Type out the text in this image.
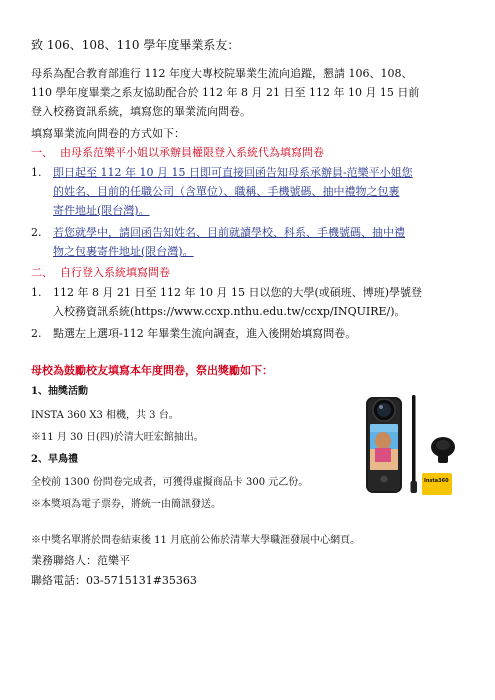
致 106、108、110 學年度畢業系友：
母系為配合教育部進行 112 年度大專校院畢業生流向追蹤，懇請 106、108、
110 學年度畢業之系友協助配合於 112 年 8 月 21 日至 112 年 10 月 15 日前
登入校務資訊系統，填寫您的畢業流向問卷。
填寫畢業流向問卷的方式如下：
一、 由母系范樂平小姐以承辦員權限登入系統代為填寫問卷
1. 即日起至 112 年 10 月 15 日即可直接回函告知母系承辦員-范樂平小姐您
的姓名、目前的任職公司（含單位）、職稱、手機號碼、抽中禮物之包裹
寄件地址(限台灣)。
2. 若您就學中，請回函告知姓名、目前就讀學校、科系、手機號碼、抽中禮
物之包裹寄件地址(限台灣)。
二、 自行登入系統填寫問卷
1. 112 年 8 月 21 日至 112 年 10 月 15 日以您的大學(或碩班、博班)學號登
入校務資訊系統(https://www.ccxp.nthu.edu.tw/ccxp/INQUIRE/)。
2. 點選左上選項-112 年畢業生流向調查，進入後開始填寫問卷。
母校為鼓勵校友填寫本年度問卷，祭出獎勵如下：
1、抽獎活動
INSTA 360 X3 相機，共 3 台。
※11 月 30 日(四)於清大旺宏館抽出。
2、早鳥禮
全校前 1300 份問卷完成者，可獲得虛擬商品卡 300 元乙份。
※本獎項為電子票券，將統一由簡訊發送。
Insta360
※中獎名單將於問卷結束後 11 月底前公佈於清華大學職涯發展中心網頁。
業務聯絡人：范樂平
聯絡電話：03-5715131#35363
